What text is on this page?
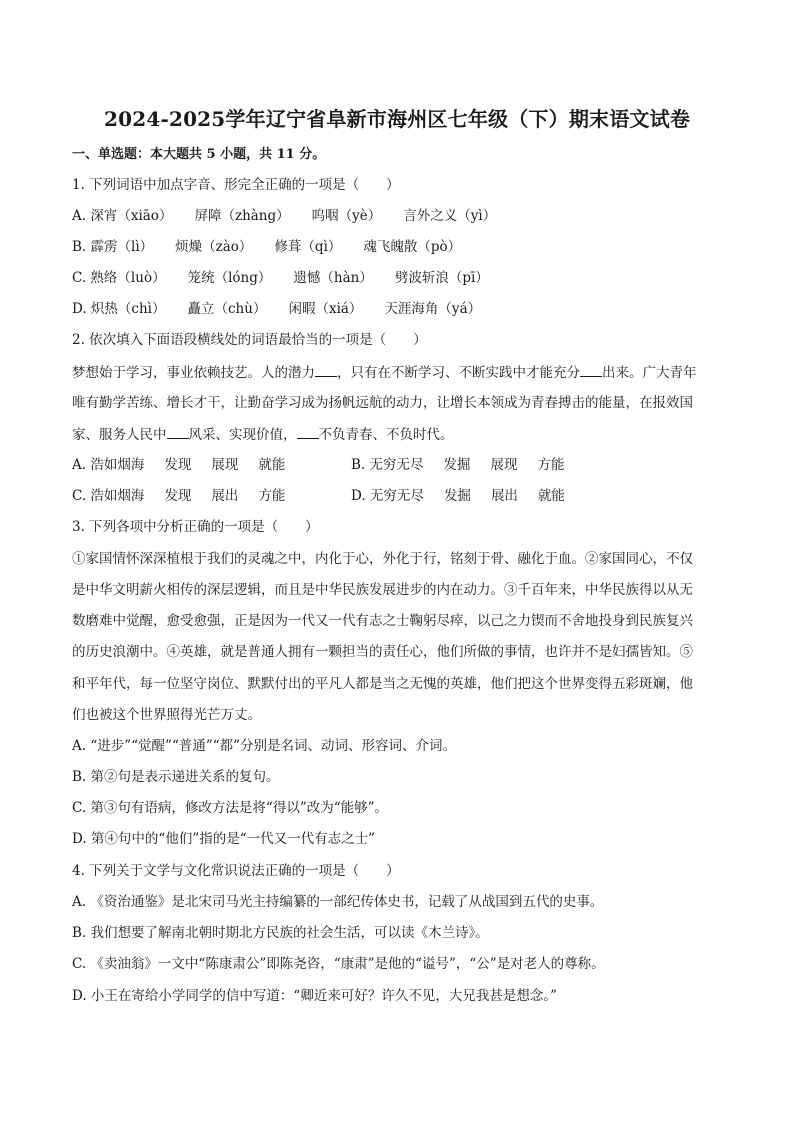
2024-2025学年辽宁省阜新市海州区七年级（下）期末语文试卷
一、单选题：本大题共 5 小题，共 11 分。
1. 下列词语中加点字音、形完全正确的一项是（　　）
A. 深宵（xiāo） 屏障（zhàng） 呜咽（yè） 言外之义（yì）
B. 霹雳（lì） 烦燥（zào） 修葺（qì） 魂飞魄散（pò）
C. 熟络（luò） 笼统（lóng） 遗憾（hàn） 劈波斩浪（pī）
D. 炽热（chì） 矗立（chù） 闲暇（xiá） 天涯海角（yá）
2. 依次填入下面语段横线处的词语最恰当的一项是（　　）
梦想始于学习，事业依赖技艺。人的潜力 ，只有在不断学习、不断实践中才能充分 出来。广大青年
唯有勤学苦练、增长才干，让勤奋学习成为扬帆远航的动力，让增长本领成为青春搏击的能量，在报效国
家、服务人民中 风采、实现价值， 不负青春、不负时代。
A. 浩如烟海 发现 展现 就能	B. 无穷无尽 发掘 展现 方能
C. 浩如烟海 发现 展出 方能	D. 无穷无尽 发掘 展出 就能
3. 下列各项中分析正确的一项是（　　）
①家国情怀深深植根于我们的灵魂之中，内化于心，外化于行，铭刻于骨、融化于血。②家国同心，不仅
是中华文明薪火相传的深层逻辑，而且是中华民族发展进步的内在动力。③千百年来，中华民族得以从无
数磨难中觉醒，愈受愈强，正是因为一代又一代有志之士鞠躬尽瘁，以己之力锲而不舍地投身到民族复兴
的历史浪潮中。④英雄，就是普通人拥有一颗担当的责任心，他们所做的事情，也许并不是妇孺皆知。⑤
和平年代，每一位坚守岗位、默默付出的平凡人都是当之无愧的英雄，他们把这个世界变得五彩斑斓，他
们也被这个世界照得光芒万丈。
A. “进步”“觉醒”“普通”“都”分别是名词、动词、形容词、介词。
B. 第②句是表示递进关系的复句。
C. 第③句有语病，修改方法是将“得以”改为“能够”。
D. 第④句中的“他们”指的是“一代又一代有志之士”
4. 下列关于文学与文化常识说法正确的一项是（　　）
A. 《资治通鉴》是北宋司马光主持编纂的一部纪传体史书，记载了从战国到五代的史事。
B. 我们想要了解南北朝时期北方民族的社会生活，可以读《木兰诗》。
C. 《卖油翁》一文中“陈康肃公”即陈尧咨，“康肃”是他的“谥号”，“公”是对老人的尊称。
D. 小王在寄给小学同学的信中写道：“卿近来可好？许久不见，大兄我甚是想念。”
